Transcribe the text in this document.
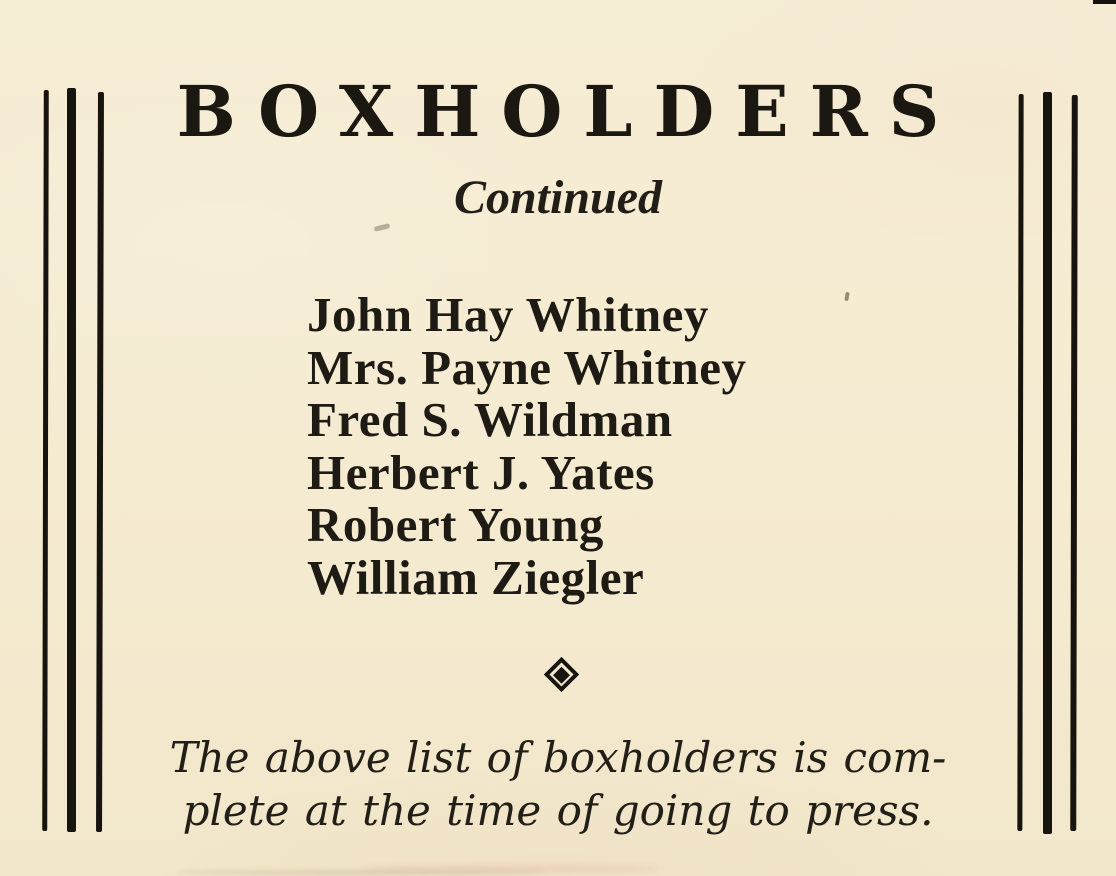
BOXHOLDERS
Continued
John Hay Whitney
Mrs. Payne Whitney
Fred S. Wildman
Herbert J. Yates
Robert Young
William Ziegler
The above list of boxholders is com-
plete at the time of going to press.
